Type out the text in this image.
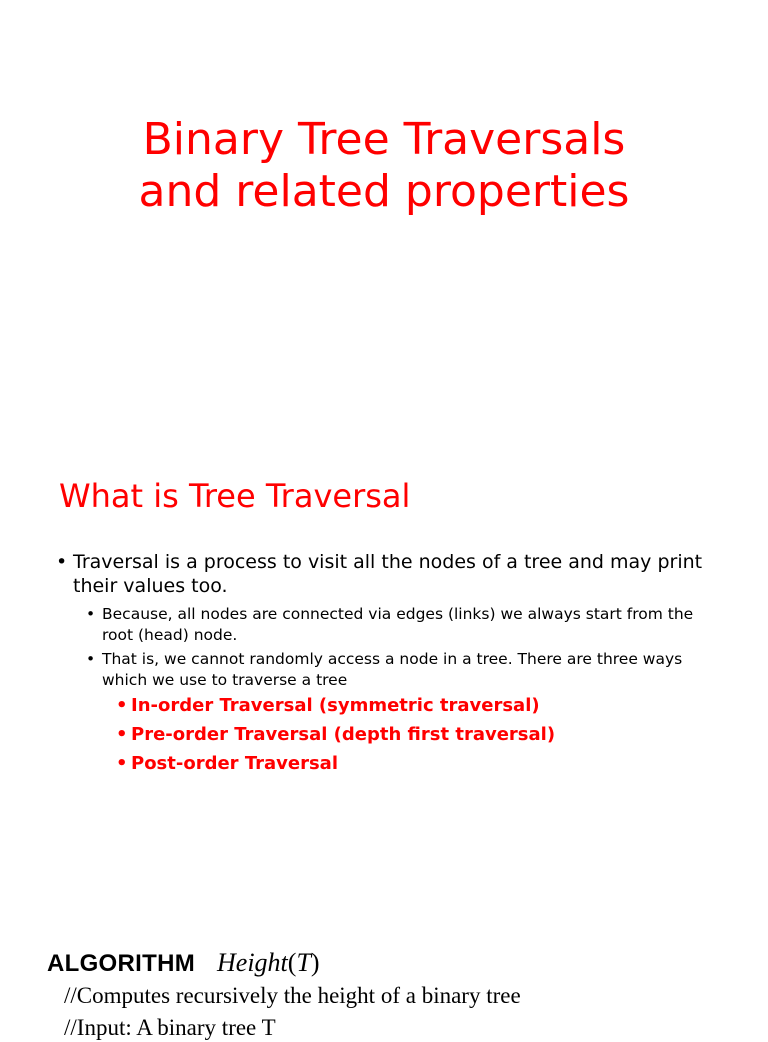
Binary Tree Traversals
and related properties
What is Tree Traversal
• Traversal is a process to visit all the nodes of a tree and may print their values too.
• Because, all nodes are connected via edges (links) we always start from the root (head) node.
• That is, we cannot randomly access a node in a tree. There are three ways which we use to traverse a tree
• In-order Traversal (symmetric traversal)
• Pre-order Traversal (depth first traversal)
• Post-order Traversal
ALGORITHM Height(T)
//Computes recursively the height of a binary tree
//Input: A binary tree T
